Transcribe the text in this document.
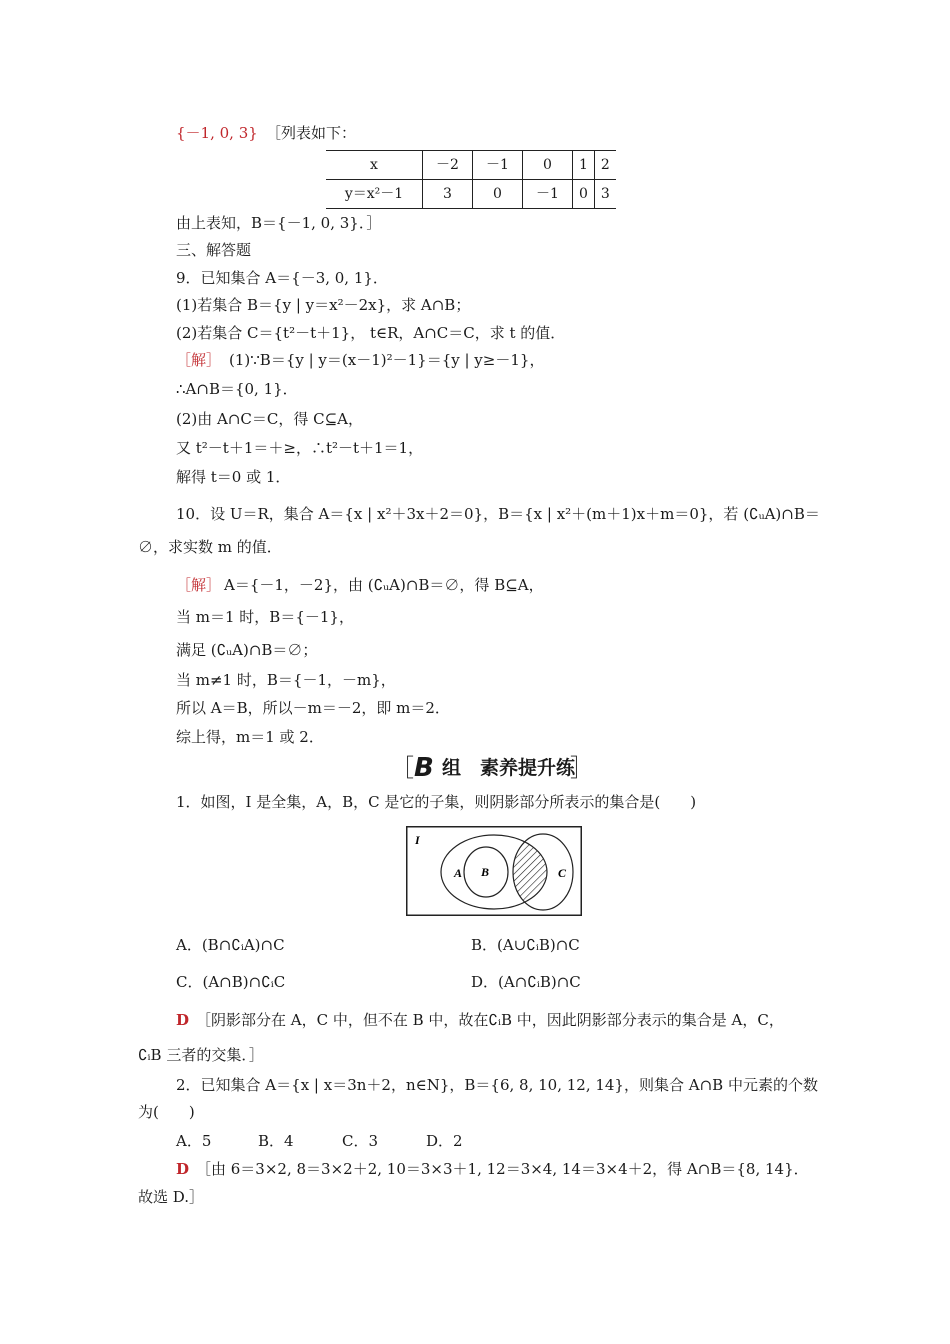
{－1, 0, 3} ［列表如下：
x	－2	－1	0	1	2
y＝x²－1	3	0	－1	0	3
由上表知，B＝{－1, 0, 3}．］
三、解答题
9．已知集合 A＝{－3, 0, 1}．
(1)若集合 B＝{y | y＝x²－2x}，求 A∩B；
(2)若集合 C＝{t²－t＋1}， t∈R，A∩C＝C，求 t 的值．
［解］ (1)∵B＝{y | y＝(x－1)²－1}＝{y | y≥－1}，
∴A∩B＝{0, 1}．
(2)由 A∩C＝C，得 C⊆A，
又 t²－t＋1＝＋≥，∴t²－t＋1＝1，
解得 t＝0 或 1．
10．设 U＝R，集合 A＝{x | x²＋3x＋2＝0}，B＝{x | x²＋(m＋1)x＋m＝0}，若 (∁ᵤA)∩B＝
∅，求实数 m 的值．
［解］ A＝{－1，－2}，由 (∁ᵤA)∩B＝∅，得 B⊆A，
当 m＝1 时，B＝{－1}，
满足 (∁ᵤA)∩B＝∅；
当 m≠1 时，B＝{－1，－m}，
所以 A＝B，所以－m＝－2，即 m＝2．
综上得，m＝1 或 2．
［ B 组　素养提升练
］
1．如图，I 是全集，A，B，C 是它的子集，则阴影部分所表示的集合是(　　)
I
A B	C
A．(B∩∁ᵢA)∩C	B．(A∪∁ᵢB)∩C
C．(A∩B)∩∁ᵢC	D．(A∩∁ᵢB)∩C
D ［阴影部分在 A，C 中，但不在 B 中，故在∁ᵢB 中，因此阴影部分表示的集合是 A，C，
∁ᵢB 三者的交集．］
2．已知集合 A＝{x | x＝3n＋2，n∈N}，B＝{6, 8, 10, 12, 14}，则集合 A∩B 中元素的个数
为(　　)
A．5	B．4	C．3	D．2
D ［由 6＝3×2, 8＝3×2＋2, 10＝3×3＋1, 12＝3×4, 14＝3×4＋2，得 A∩B＝{8, 14}．
故选 D.］
